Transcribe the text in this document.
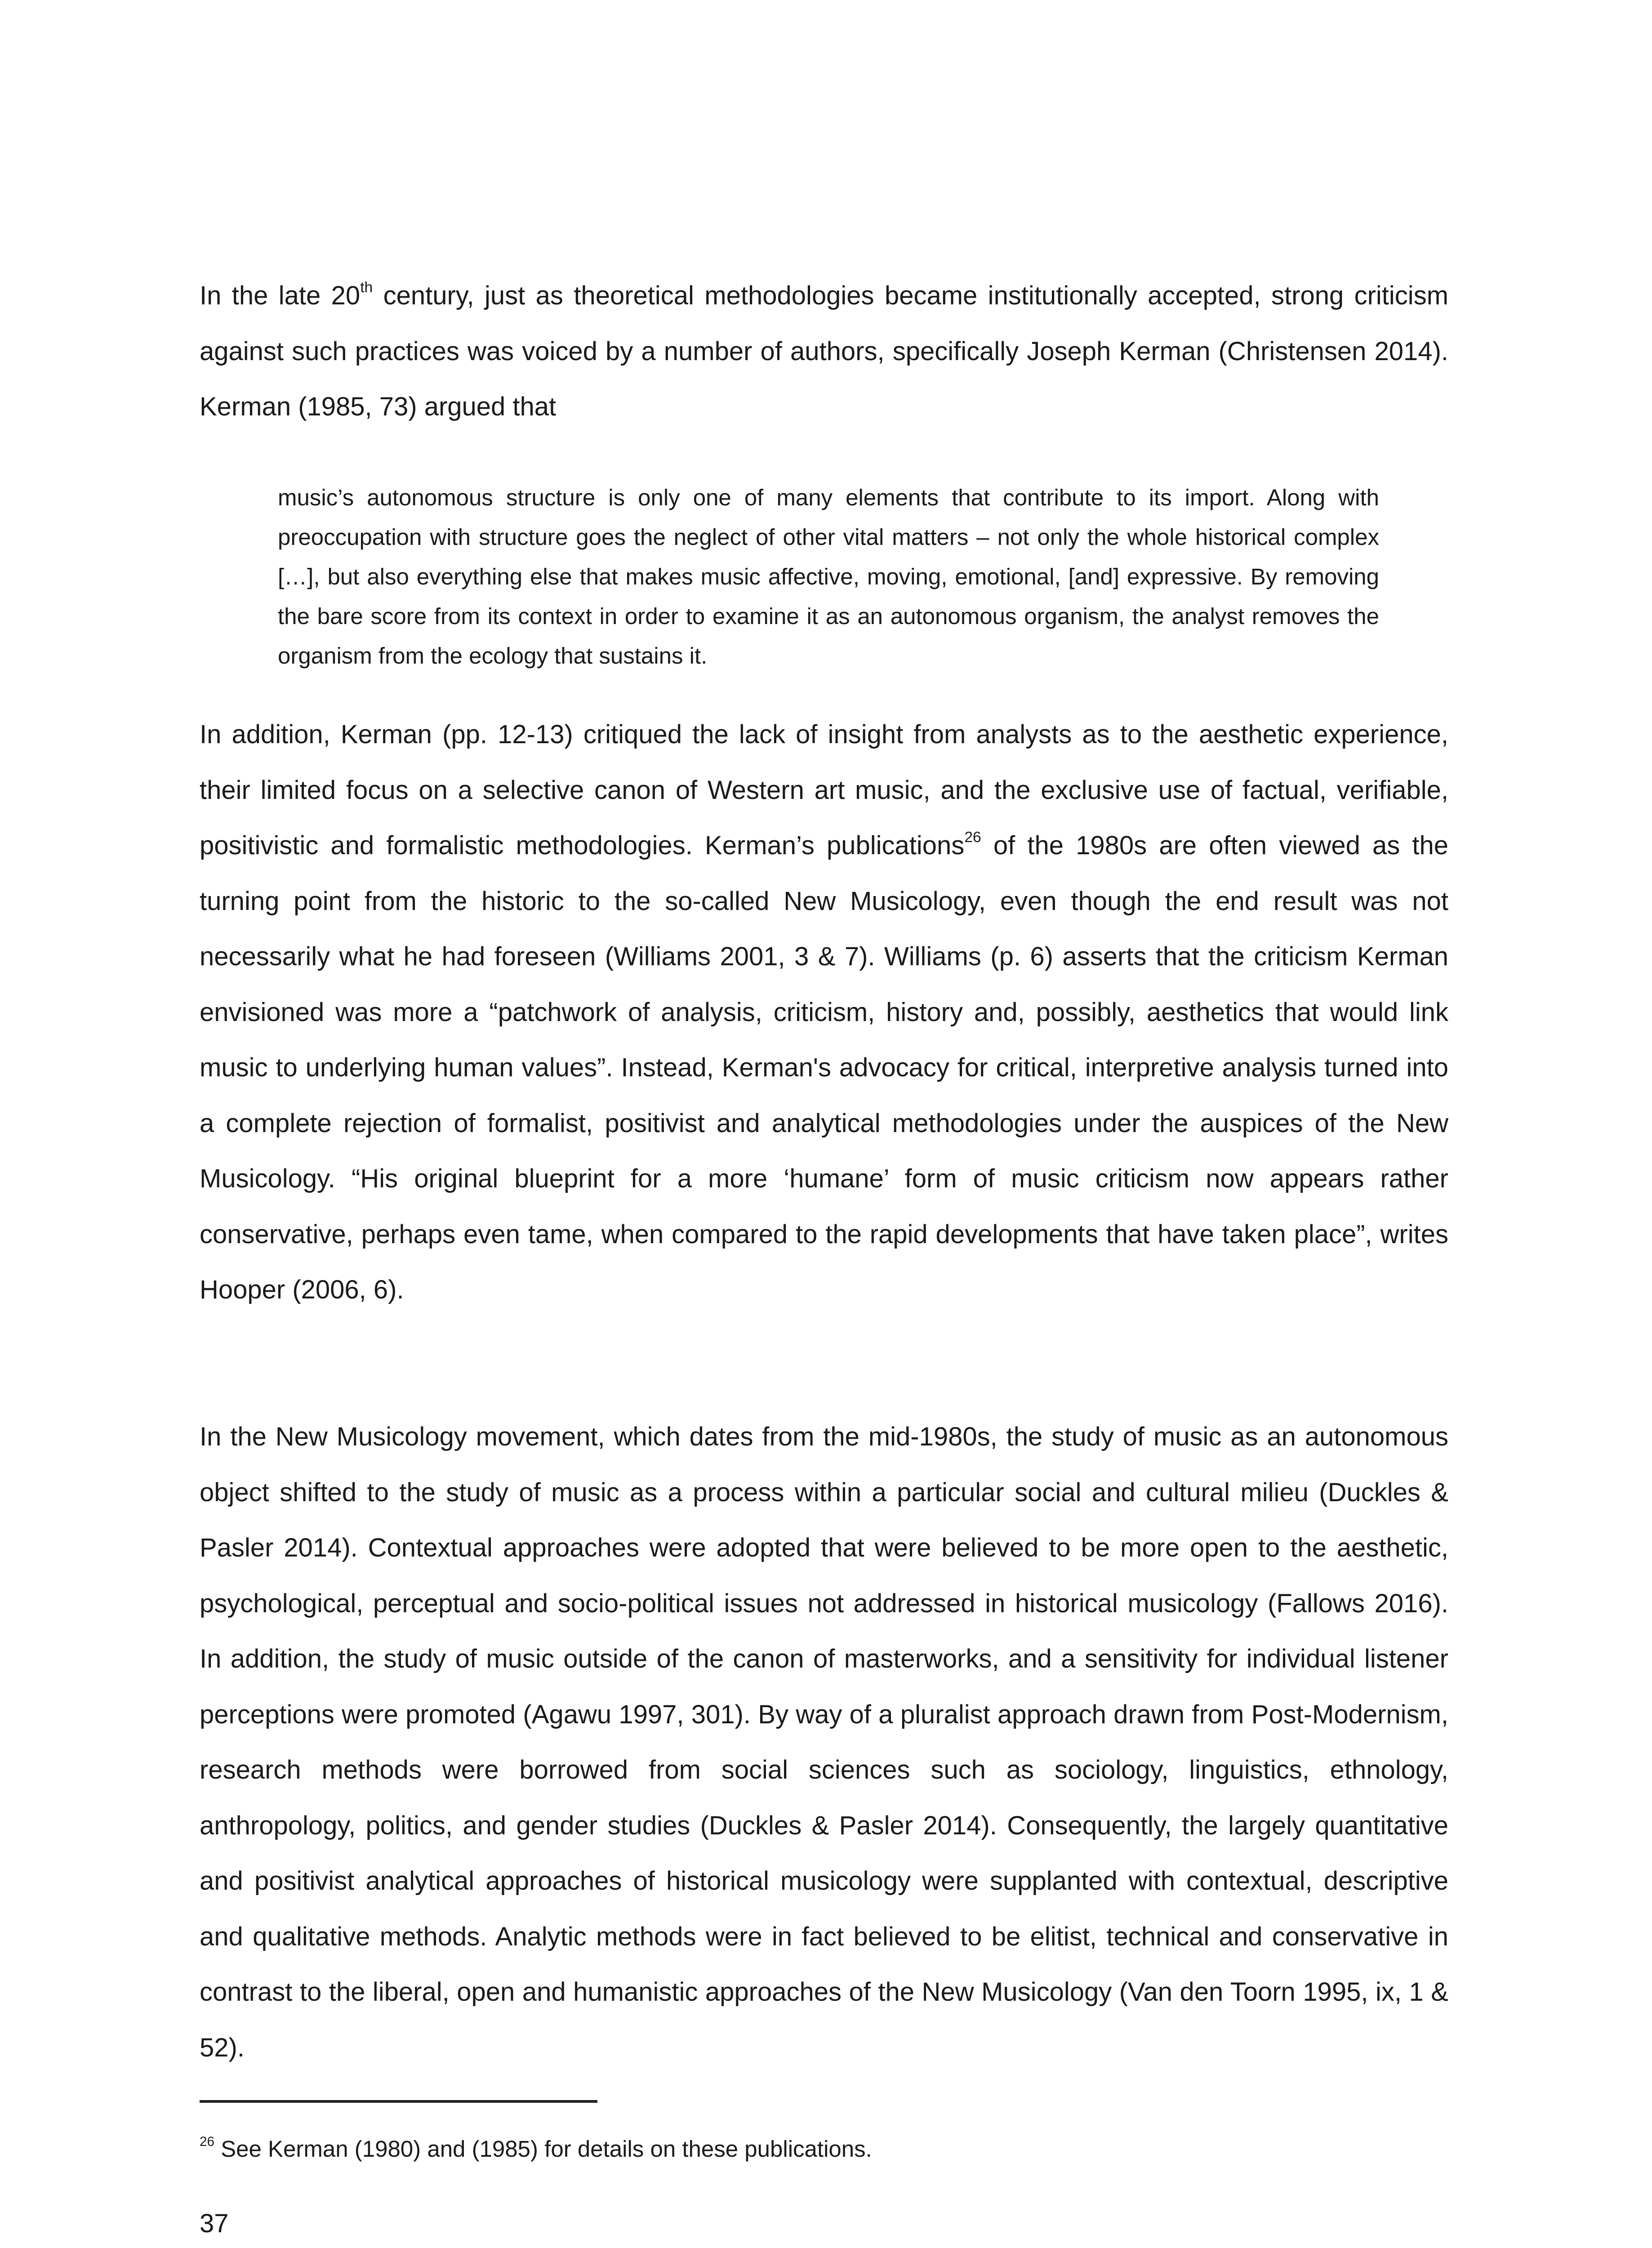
In the late 20th century, just as theoretical methodologies became institutionally accepted, strong criticism against such practices was voiced by a number of authors, specifically Joseph Kerman (Christensen 2014). Kerman (1985, 73) argued that

music’s autonomous structure is only one of many elements that contribute to its import. Along with preoccupation with structure goes the neglect of other vital matters – not only the whole historical complex […], but also everything else that makes music affective, moving, emotional, [and] expressive. By removing the bare score from its context in order to examine it as an autonomous organism, the analyst removes the organism from the ecology that sustains it.

In addition, Kerman (pp. 12-13) critiqued the lack of insight from analysts as to the aesthetic experience, their limited focus on a selective canon of Western art music, and the exclusive use of factual, verifiable, positivistic and formalistic methodologies. Kerman’s publications$^{26}$ of the 1980s are often viewed as the turning point from the historic to the so-called New Musicology, even though the end result was not necessarily what he had foreseen (Williams 2001, 3 & 7). Williams (p. 6) asserts that the criticism Kerman envisioned was more a “patchwork of analysis, criticism, history and, possibly, aesthetics that would link music to underlying human values”. Instead, Kerman's advocacy for critical, interpretive analysis turned into a complete rejection of formalist, positivist and analytical methodologies under the auspices of the New Musicology. “His original blueprint for a more ‘humane’ form of music criticism now appears rather conservative, perhaps even tame, when compared to the rapid developments that have taken place”, writes Hooper (2006, 6).

In the New Musicology movement, which dates from the mid-1980s, the study of music as an autonomous object shifted to the study of music as a process within a particular social and cultural milieu (Duckles & Pasler 2014). Contextual approaches were adopted that were believed to be more open to the aesthetic, psychological, perceptual and socio-political issues not addressed in historical musicology (Fallows 2016). In addition, the study of music outside of the canon of masterworks, and a sensitivity for individual listener perceptions were promoted (Agawu 1997, 301). By way of a pluralist approach drawn from Post-Modernism, research methods were borrowed from social sciences such as sociology, linguistics, ethnology, anthropology, politics, and gender studies (Duckles & Pasler 2014). Consequently, the largely quantitative and positivist analytical approaches of historical musicology were supplanted with contextual, descriptive and qualitative methods. Analytic methods were in fact believed to be elitist, technical and conservative in contrast to the liberal, open and humanistic approaches of the New Musicology (Van den Toorn 1995, ix, 1 & 52).

$^{26}$ See Kerman (1980) and (1985) for details on these publications.
37
